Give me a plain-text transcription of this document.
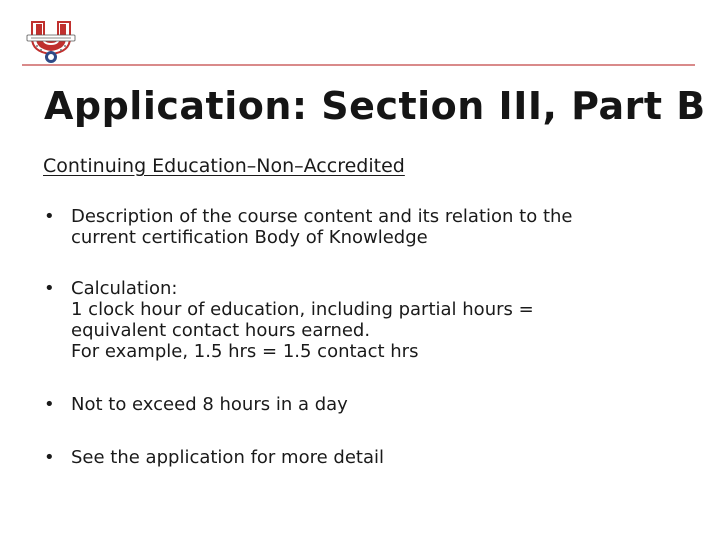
Application: Section III, Part B
Continuing Education–Non–Accredited
• Description of the course content and its relation to the
current certification Body of Knowledge
• Calculation:
1 clock hour of education, including partial hours =
equivalent contact hours earned.
For example, 1.5 hrs = 1.5 contact hrs
• Not to exceed 8 hours in a day
• See the application for more detail
